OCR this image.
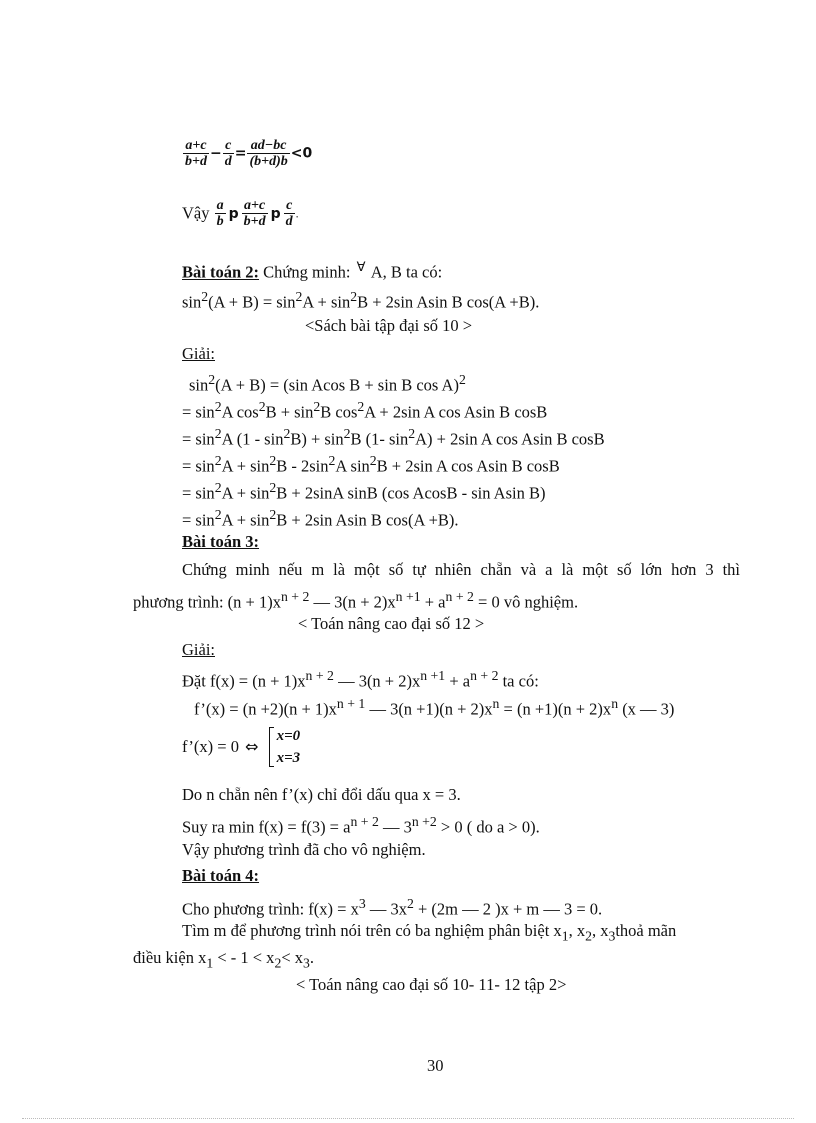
$\frac{a+c}{b+d} - \frac{c}{d} = \frac{ad-bc}{(b+d)b} <0$
Vậy $\frac{a}{b}$ p $\frac{a+c}{b+d}$ p $\frac{c}{d}$ .
Bài toán 2: Chứng minh: ∀ A, B ta có:
$\sin^2(A + B) = \sin^2A + \sin^2B + 2\sin$ Asin B cos(A +B).
<Sách bài tập đại số 10 >
Giải:
$\sin^2(A + B) = (\sin$ Acos B + sin B cos A)$^2$
= $\sin^2A$ $\cos^2B + \sin^2B$ $\cos^2A + 2\sin$ A cos Asin B cosB
= $\sin^2A$ $(1 - \sin^2B) + \sin^2B$ (1- $\sin^2A) + 2\sin$ A cos Asin B cosB
= $\sin^2A + \sin^2B - 2\sin^2A$ $\sin^2B + 2\sin$ A cos Asin B cosB
= $\sin^2A + \sin^2B + 2\sin A$ sinB (cos AcosB - sin Asin B)
= $\sin^2A + \sin^2B + 2\sin$ Asin B cos(A +B).
Bài toán 3:
Chứng minh nếu m là một số tự nhiên chẵn và a là một số lớn hơn 3 thì
phương trình: $(n + 1)x^{n + 2}$ — $3(n + 2)x^{n +1} + a^{n + 2} = 0$ vô nghiệm.
< Toán nâng cao đại số 12 >
Giải:
Đặt $f(x) = (n + 1)x^{n + 2}$ — $3(n + 2)x^{n +1} + a^{n + 2}$ ta có:
f’(x) = $(n +2)(n + 1)x^{n + 1}$ — $3(n +1)(n + 2)x^n = (n +1)(n + 2)x^n$ (x — 3)
f’(x) = 0 ⇔
x=0
x=3
Do n chẵn nên f’(x) chỉ đổi dấu qua x = 3.
Suy ra $\min f(x) = f(3) = a^{n + 2}$ — $3^{n +2} > 0$ ( do a > 0).
Vậy phương trình đã cho vô nghiệm.
Bài toán 4:
Cho phương trình: $f(x) = x^3$ — $3x^2 + (2m$ — 2 )x + m — 3 = 0.
Tìm m để phương trình nói trên có ba nghiệm phân biệt $x_1$, $x_2$, $x_3thoả$ mãn
điều kiện $x_1$ < - $1 < x_2< x_3$.
< Toán nâng cao đại số 10- 11- 12 tập 2>
30
